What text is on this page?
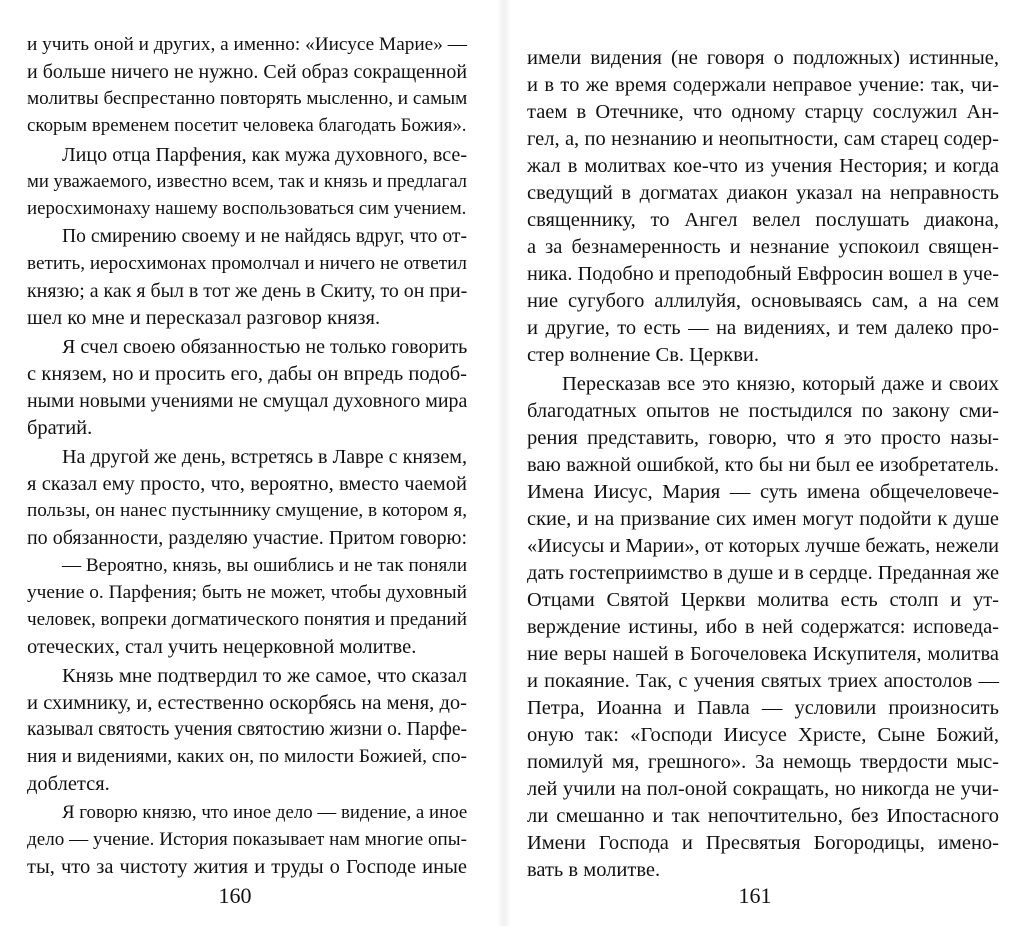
и учить оной и других, а именно: «Иисусе Марие» —

и больше ничего не нужно. Сей образ сокращенной

молитвы беспрестанно повторять мысленно, и самым

скорым временем посетит человека благодать Божия».

Лицо отца Парфения, как мужа духовного, все-

ми уважаемого, известно всем, так и князь и предлагал

иеросхимонаху нашему воспользоваться сим учением.

По смирению своему и не найдясь вдруг, что от-

ветить, иеросхимонах промолчал и ничего не ответил

князю; а как я был в тот же день в Скиту, то он при-

шел ко мне и пересказал разговор князя.

Я счел своею обязанностью не только говорить

с князем, но и просить его, дабы он впредь подоб-

ными новыми учениями не смущал духовного мира

братий.

На другой же день, встретясь в Лавре с князем,

я сказал ему просто, что, вероятно, вместо чаемой

пользы, он нанес пустыннику смущение, в котором я,

по обязанности, разделяю участие. Притом говорю:

— Вероятно, князь, вы ошиблись и не так поняли

учение о. Парфения; быть не может, чтобы духовный

человек, вопреки догматического понятия и преданий

отеческих, стал учить нецерковной молитве.

Князь мне подтвердил то же самое, что сказал

и схимнику, и, естественно оскорбясь на меня, до-

казывал святость учения святостию жизни о. Парфе-

ния и видениями, каких он, по милости Божией, спо-

доблется.

Я говорю князю, что иное дело — видение, а иное

дело — учение. История показывает нам многие опы-

ты, что за чистоту жития и труды о Господе иные

160

имели видения (не говоря о подложных) истинные,

и в то же время содержали неправое учение: так, чи-

таем в Отечнике, что одному старцу сослужил Ан-

гел, а, по незнанию и неопытности, сам старец содер-

жал в молитвах кое-что из учения Нестория; и когда

сведущий в догматах диакон указал на неправность

священнику, то Ангел велел послушать диакона,

а за безнамеренность и незнание успокоил священ-

ника. Подобно и преподобный Евфросин вошел в уче-

ние сугубого аллилуйя, основываясь сам, а на сем

и другие, то есть — на видениях, и тем далеко про-

стер волнение Св. Церкви.

Пересказав все это князю, который даже и своих

благодатных опытов не постыдился по закону сми-

рения представить, говорю, что я это просто назы-

ваю важной ошибкой, кто бы ни был ее изобретатель.

Имена Иисус, Мария — суть имена общечеловече-

ские, и на призвание сих имен могут подойти к душе

«Иисусы и Марии», от которых лучше бежать, нежели

дать гостеприимство в душе и в сердце. Преданная же

Отцами Святой Церкви молитва есть столп и ут-

верждение истины, ибо в ней содержатся: исповеда-

ние веры нашей в Богочеловека Искупителя, молитва

и покаяние. Так, с учения святых триех апостолов —

Петра, Иоанна и Павла — условили произносить

оную так: «Господи Иисусе Христе, Сыне Божий,

помилуй мя, грешного». За немощь твердости мыс-

лей учили на пол-оной сокращать, но никогда не учи-

ли смешанно и так непочтительно, без Ипостасного

Имени Господа и Пресвятыя Богородицы, имено-

вать в молитве.

161
